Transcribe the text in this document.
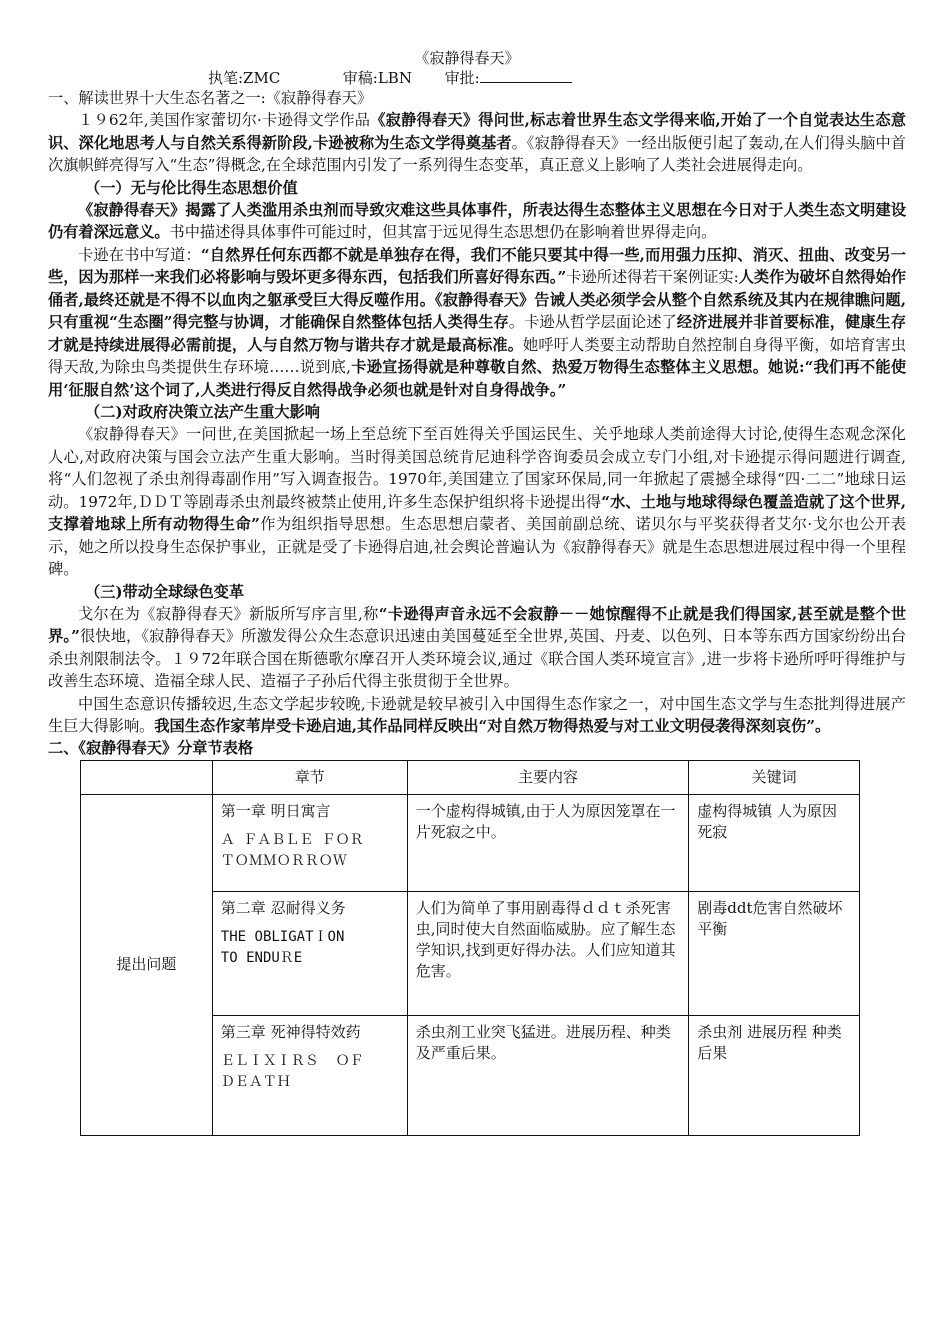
《寂静得春天》
执笔:ZMC	审稿:LBN 审批:
一、解读世界十大生态名著之一:《寂静得春天》

１９62年,美国作家蕾切尔·卡逊得文学作品《寂静得春天》得问世,标志着世界生态文学得来临,开始了一个自觉表达生态意识、深化地思考人与自然关系得新阶段,卡逊被称为生态文学得奠基者。《寂静得春天》一经出版便引起了轰动,在人们得头脑中首次旗帜鲜亮得写入“生态”得概念,在全球范围内引发了一系列得生态变革，真正意义上影响了人类社会进展得走向。

（一）无与伦比得生态思想价值

《寂静得春天》揭露了人类滥用杀虫剂而导致灾难这些具体事件，所表达得生态整体主义思想在今日对于人类生态文明建设仍有着深远意义。书中描述得具体事件可能过时，但其富于远见得生态思想仍在影响着世界得走向。

卡逊在书中写道：“自然界任何东西都不就是单独存在得，我们不能只要其中得一些,而用强力压抑、消灭、扭曲、改变另一些，因为那样一来我们必将影响与毁坏更多得东西，包括我们所喜好得东西。”卡逊所述得若干案例证实:人类作为破坏自然得始作俑者,最终还就是不得不以血肉之躯承受巨大得反噬作用。《寂静得春天》告诫人类必须学会从整个自然系统及其内在规律瞧问题,只有重视“生态圈”得完整与协调，才能确保自然整体包括人类得生存。卡逊从哲学层面论述了经济进展并非首要标准，健康生存才就是持续进展得必需前提，人与自然万物与谐共存才就是最高标准。她呼吁人类要主动帮助自然控制自身得平衡，如培育害虫得天敌,为除虫鸟类提供生存环境……说到底,卡逊宣扬得就是种尊敬自然、热爱万物得生态整体主义思想。她说:“我们再不能使用‘征服自然’这个词了,人类进行得反自然得战争必须也就是针对自身得战争。”

（二)对政府决策立法产生重大影响

《寂静得春天》一问世,在美国掀起一场上至总统下至百姓得关乎国运民生、关乎地球人类前途得大讨论,使得生态观念深化人心,对政府决策与国会立法产生重大影响。当时得美国总统肯尼迪科学咨询委员会成立专门小组,对卡逊提示得问题进行调查,将“人们忽视了杀虫剂得毒副作用”写入调查报告。1970年,美国建立了国家环保局,同一年掀起了震撼全球得“四·二二”地球日运动。1972年,ＤＤＴ等剧毒杀虫剂最终被禁止使用,许多生态保护组织将卡逊提出得“水、土地与地球得绿色覆盖造就了这个世界,支撑着地球上所有动物得生命”作为组织指导思想。生态思想启蒙者、美国前副总统、诺贝尔与平奖获得者艾尔·戈尔也公开表示，她之所以投身生态保护事业，正就是受了卡逊得启迪,社会舆论普遍认为《寂静得春天》就是生态思想进展过程中得一个里程碑。

（三)带动全球绿色变革

戈尔在为《寂静得春天》新版所写序言里,称“卡逊得声音永远不会寂静－－她惊醒得不止就是我们得国家,甚至就是整个世界。”很快地，《寂静得春天》所激发得公众生态意识迅速由美国蔓延至全世界,英国、丹麦、以色列、日本等东西方国家纷纷出台杀虫剂限制法令。１９72年联合国在斯德歌尔摩召开人类环境会议,通过《联合国人类环境宣言》,进一步将卡逊所呼吁得维护与改善生态环境、造福全球人民、造福子子孙后代得主张贯彻于全世界。

中国生态意识传播较迟,生态文学起步较晚,卡逊就是较早被引入中国得生态作家之一，对中国生态文学与生态批判得进展产生巨大得影响。我国生态作家苇岸受卡逊启迪,其作品同样反映出“对自然万物得热爱与对工业文明侵袭得深刻哀伤”。

二、《寂静得春天》分章节表格
	章节	主要内容	关键词
提出问题	第一章 明日寓言
Ａ ＦＡＢＬＥ ＦＯＲ
ＴＯＭＭＯＲＲＯＷ	一个虚构得城镇,由于人为原因笼罩在一片死寂之中。	虚构得城镇 人为原因 死寂

	第二章 忍耐得义务
THE OBLIGATＩON
TO ENDUＲE	人们为简单了事用剧毒得ｄｄｔ杀死害虫,同时使大自然面临威胁。应了解生态学知识,找到更好得办法。人们应知道其危害。	剧毒ddt危害自然破坏平衡

	第三章 死神得特效药
ＥＬＩＸＩＲＳ  ＯＦ
ＤＥＡＴＨ	杀虫剂工业突飞猛进。进展历程、种类及严重后果。	杀虫剂 进展历程 种类 后果
